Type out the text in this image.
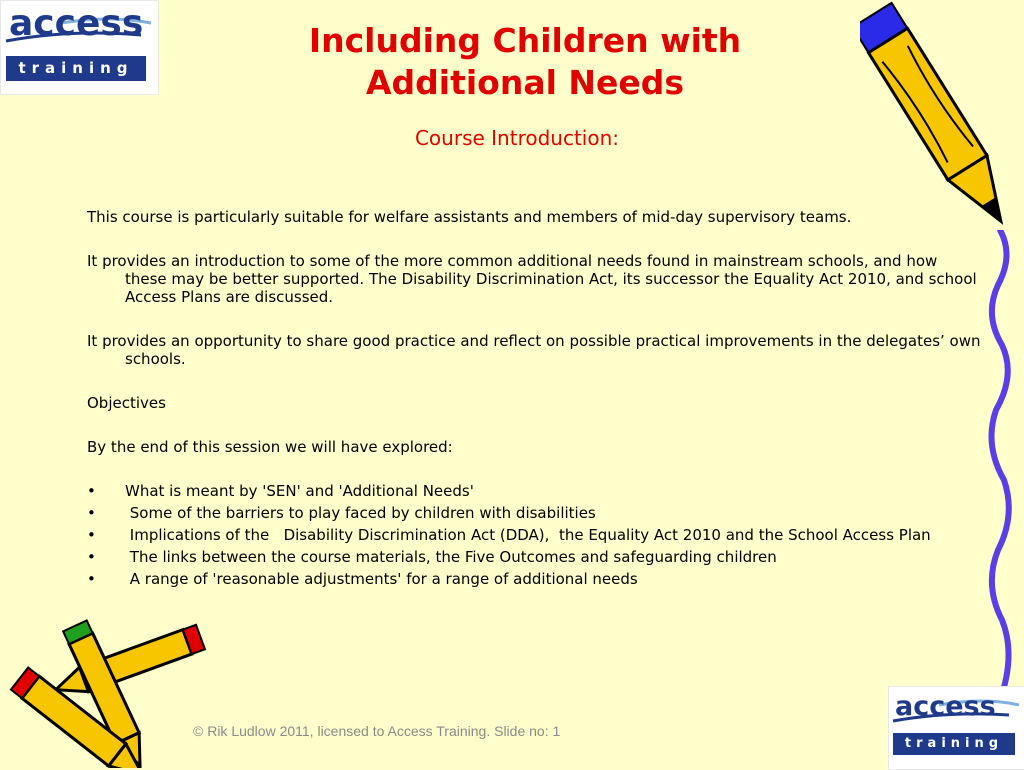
access
training
Including Children with
Additional Needs
Course Introduction:

This course is particularly suitable for welfare assistants and members of mid-day supervisory teams.

It provides an introduction to some of the more common additional needs found in mainstream schools, and how these may be better supported. The Disability Discrimination Act, its successor the Equality Act 2010, and school Access Plans are discussed.

It provides an opportunity to share good practice and reflect on possible practical improvements in the delegates’ own schools.

Objectives

By the end of this session we will have explored:

• What is meant by 'SEN' and 'Additional Needs'
• Some of the barriers to play faced by children with disabilities
• Implications of the   Disability Discrimination Act (DDA),  the Equality Act 2010 and the School Access Plan
• The links between the course materials, the Five Outcomes and safeguarding children
• A range of 'reasonable adjustments' for a range of additional needs
© Rik Ludlow 2011, licensed to Access Training. Slide no: 1
access
training
